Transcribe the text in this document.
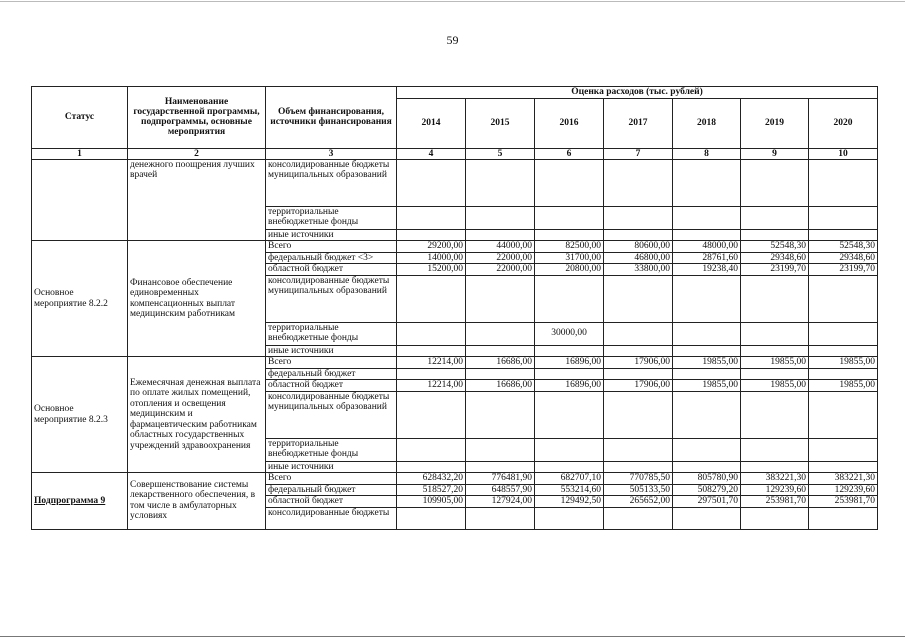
59
Статус	Наименование государственной программы, подпрограммы, основные мероприятия	Объем финансирования, источники финансирования	Оценка расходов (тыс. рублей)						
			2014	2015	2016	2017	2018	2019	2020
1	2	3	4	5	6	7	8	9	10
	денежного поощрения лучших врачей	консолидированные бюджеты муниципальных образований							
		территориальные внебюджетные фонды							
		иные источники							
Основное мероприятие 8.2.2	Финансовое обеспечение единовременных компенсационных выплат медицинским работникам	Всего	29200,00	44000,00	82500,00	80600,00	48000,00	52548,30	52548,30
		федеральный бюджет <3>	14000,00	22000,00	31700,00	46800,00	28761,60	29348,60	29348,60
		областной бюджет	15200,00	22000,00	20800,00	33800,00	19238,40	23199,70	23199,70
		консолидированные бюджеты муниципальных образований							
		территориальные внебюджетные фонды			30000,00				
		иные источники							
Основное мероприятие 8.2.3	Ежемесячная денежная выплата по оплате жилых помещений, отопления и освещения медицинским и фармацевтическим работникам областных государственных учреждений здравоохранения	Всего	12214,00	16686,00	16896,00	17906,00	19855,00	19855,00	19855,00
		федеральный бюджет							
		областной бюджет	12214,00	16686,00	16896,00	17906,00	19855,00	19855,00	19855,00
		консолидированные бюджеты муниципальных образований							
		территориальные внебюджетные фонды							
		иные источники							
Подпрограмма 9	Совершенствование системы лекарственного обеспечения, в том числе в амбулаторных условиях	Всего	628432,20	776481,90	682707,10	770785,50	805780,90	383221,30	383221,30
		федеральный бюджет	518527,20	648557,90	553214,60	505133,50	508279,20	129239,60	129239,60
		областной бюджет	109905,00	127924,00	129492,50	265652,00	297501,70	253981,70	253981,70
		консолидированные бюджеты							
